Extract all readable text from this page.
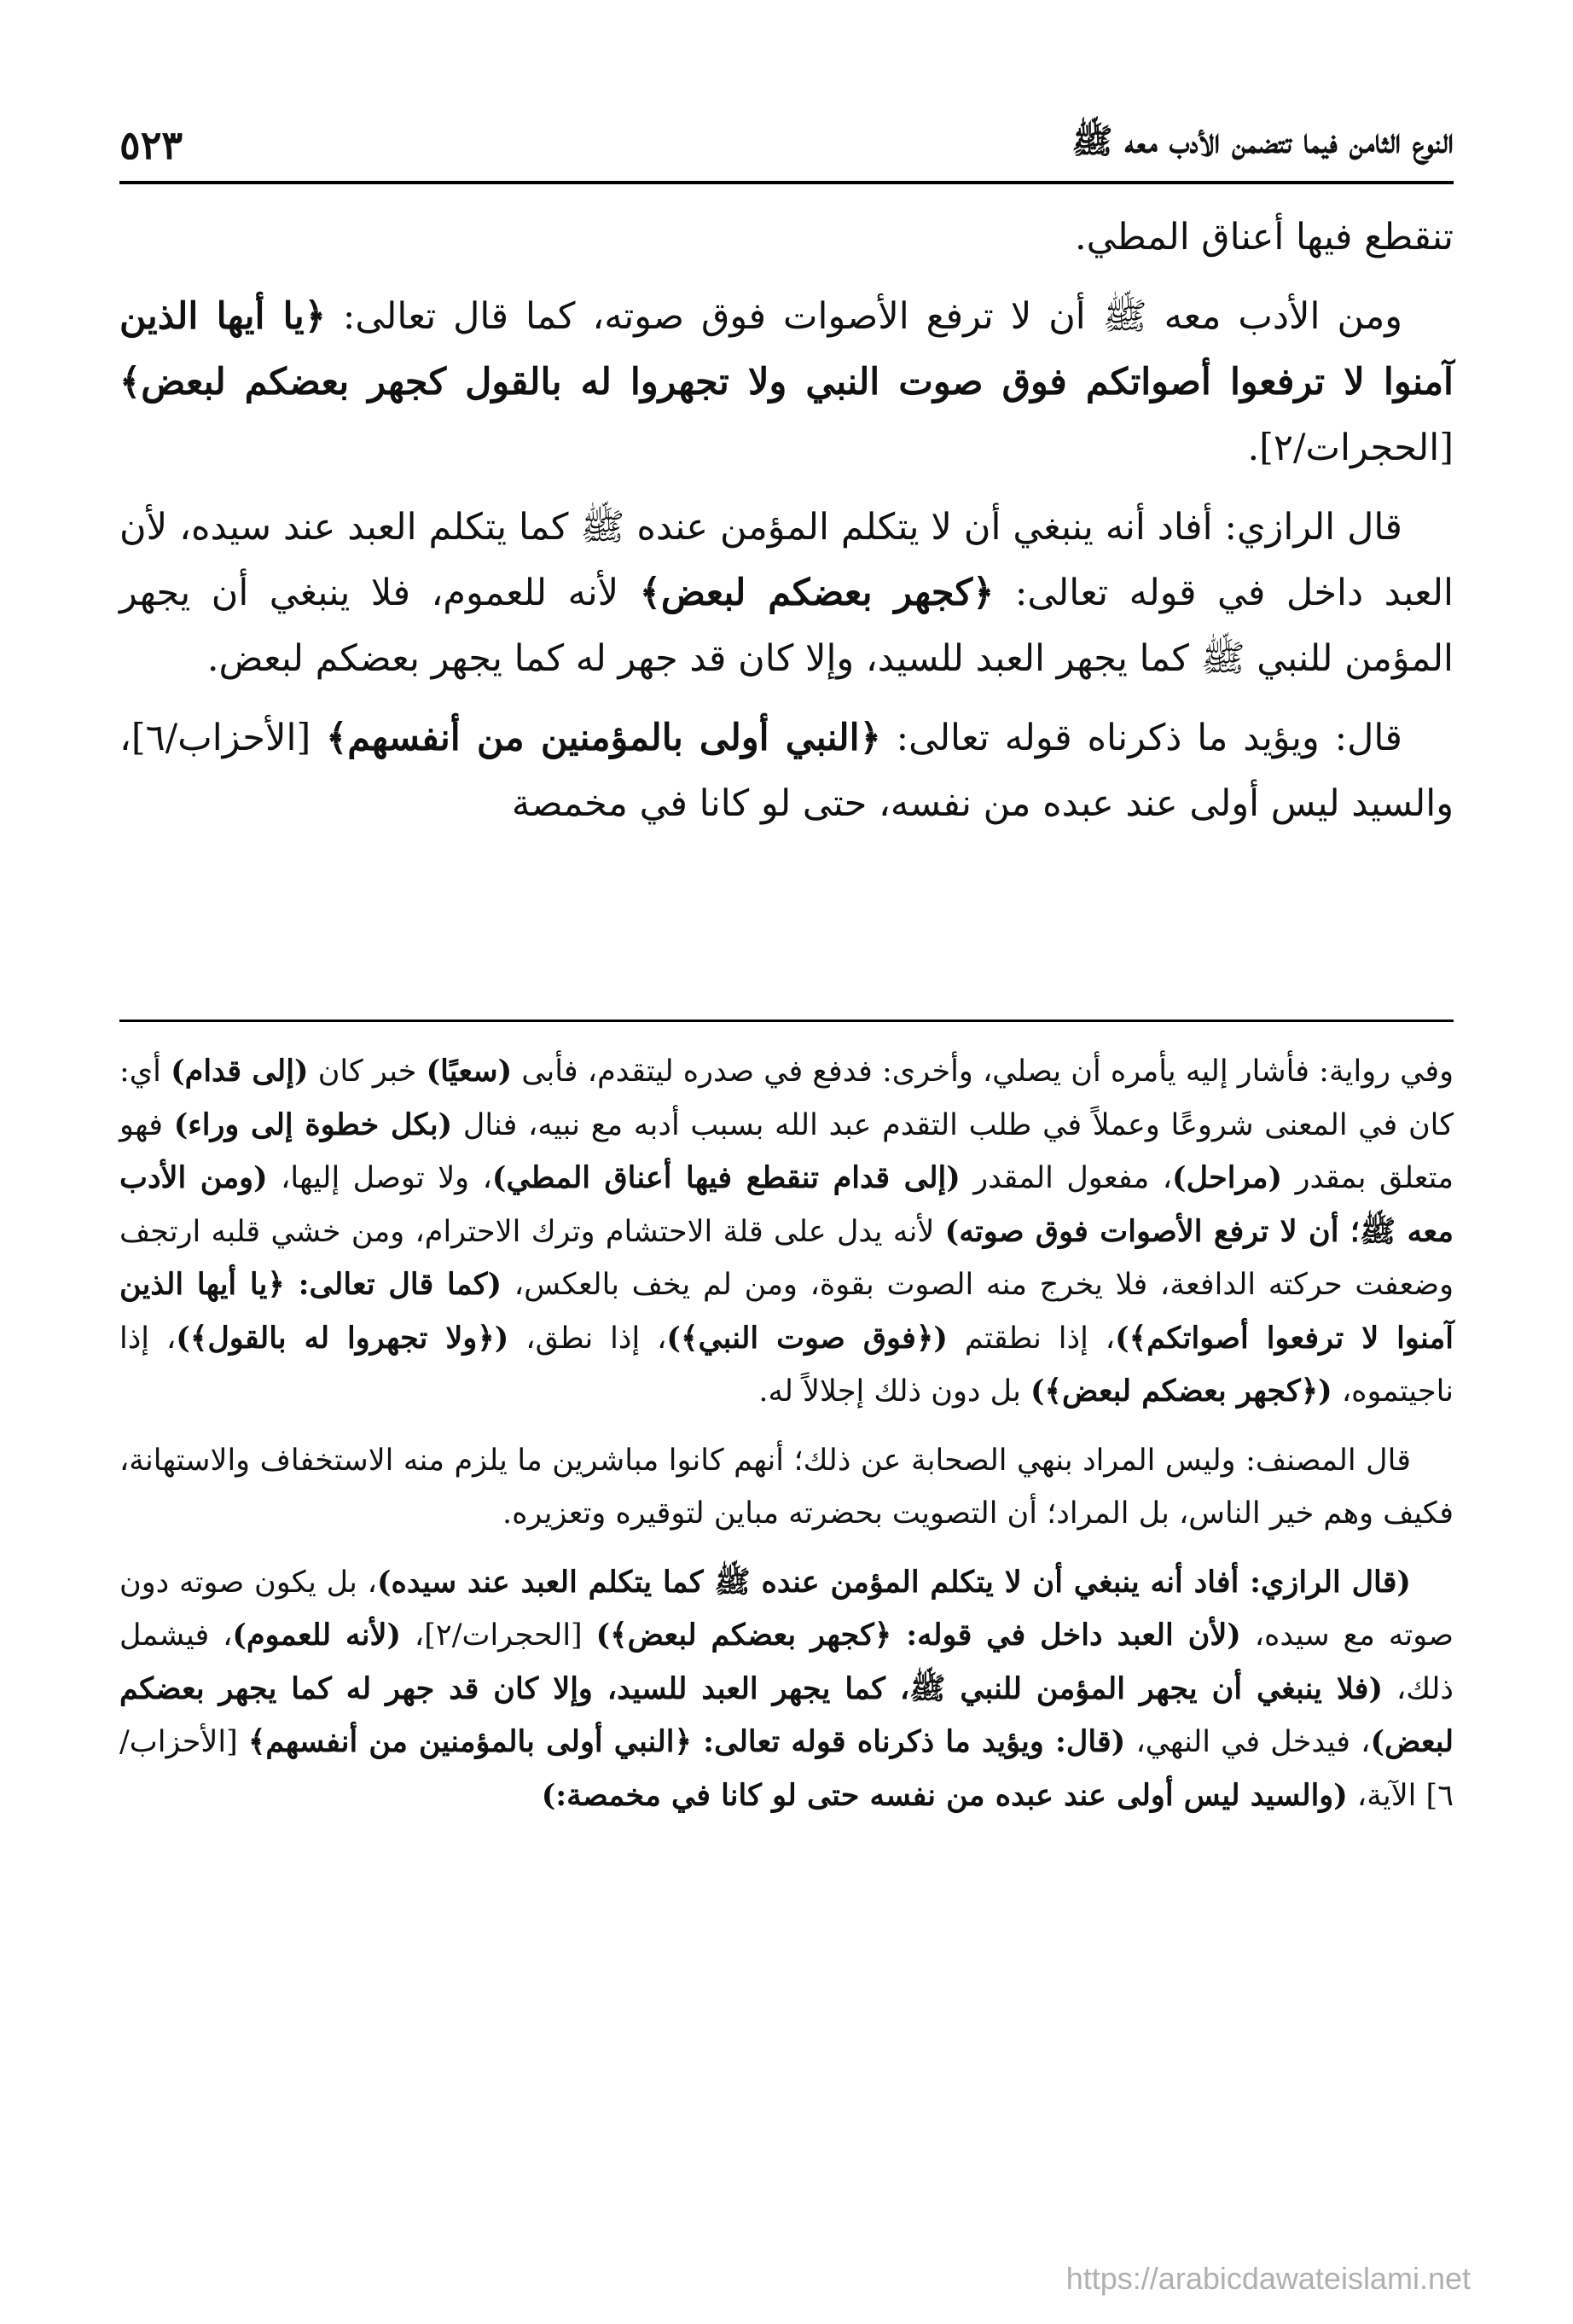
النوع الثامن فيما تتضمن الأدب معه ﷺ
٥٢٣

تنقطع فيها أعناق المطي.

ومن الأدب معه ﷺ أن لا ترفع الأصوات فوق صوته، كما قال تعالى: ﴿يا أيها الذين آمنوا لا ترفعوا أصواتكم فوق صوت النبي ولا تجهروا له بالقول كجهر بعضكم لبعض﴾ [الحجرات/٢].

قال الرازي: أفاد أنه ينبغي أن لا يتكلم المؤمن عنده ﷺ كما يتكلم العبد عند سيده، لأن العبد داخل في قوله تعالى: ﴿كجهر بعضكم لبعض﴾ لأنه للعموم، فلا ينبغي أن يجهر المؤمن للنبي ﷺ كما يجهر العبد للسيد، وإلا كان قد جهر له كما يجهر بعضكم لبعض.

قال: ويؤيد ما ذكرناه قوله تعالى: ﴿النبي أولى بالمؤمنين من أنفسهم﴾ [الأحزاب/٦]، والسيد ليس أولى عند عبده من نفسه، حتى لو كانا في مخمصة

وفي رواية: فأشار إليه يأمره أن يصلي، وأخرى: فدفع في صدره ليتقدم، فأبى (سعيًا) خبر كان (إلى قدام) أي: كان في المعنى شروعًا وعملاً في طلب التقدم عبد الله بسبب أدبه مع نبيه، فنال (بكل خطوة إلى وراء) فهو متعلق بمقدر (مراحل)، مفعول المقدر (إلى قدام تنقطع فيها أعناق المطي)، ولا توصل إليها، (ومن الأدب معه ﷺ؛ أن لا ترفع الأصوات فوق صوته) لأنه يدل على قلة الاحتشام وترك الاحترام، ومن خشي قلبه ارتجف وضعفت حركته الدافعة، فلا يخرج منه الصوت بقوة، ومن لم يخف بالعكس، (كما قال تعالى: ﴿يا أيها الذين آمنوا لا ترفعوا أصواتكم﴾)، إذا نطقتم (﴿فوق صوت النبي﴾)، إذا نطق، (﴿ولا تجهروا له بالقول﴾)، إذا ناجيتموه، (﴿كجهر بعضكم لبعض﴾) بل دون ذلك إجلالاً له.

قال المصنف: وليس المراد بنهي الصحابة عن ذلك؛ أنهم كانوا مباشرين ما يلزم منه الاستخفاف والاستهانة، فكيف وهم خير الناس، بل المراد؛ أن التصويت بحضرته مباين لتوقيره وتعزيره.

(قال الرازي: أفاد أنه ينبغي أن لا يتكلم المؤمن عنده ﷺ كما يتكلم العبد عند سيده)، بل يكون صوته دون صوته مع سيده، (لأن العبد داخل في قوله: ﴿كجهر بعضكم لبعض﴾) [الحجرات/٢]، (لأنه للعموم)، فيشمل ذلك، (فلا ينبغي أن يجهر المؤمن للنبي ﷺ، كما يجهر العبد للسيد، وإلا كان قد جهر له كما يجهر بعضكم لبعض)، فيدخل في النهي، (قال: ويؤيد ما ذكرناه قوله تعالى: ﴿النبي أولى بالمؤمنين من أنفسهم﴾ [الأحزاب/٦] الآية، (والسيد ليس أولى عند عبده من نفسه حتى لو كانا في مخمصة:)

https://arabicdawateislami.net
